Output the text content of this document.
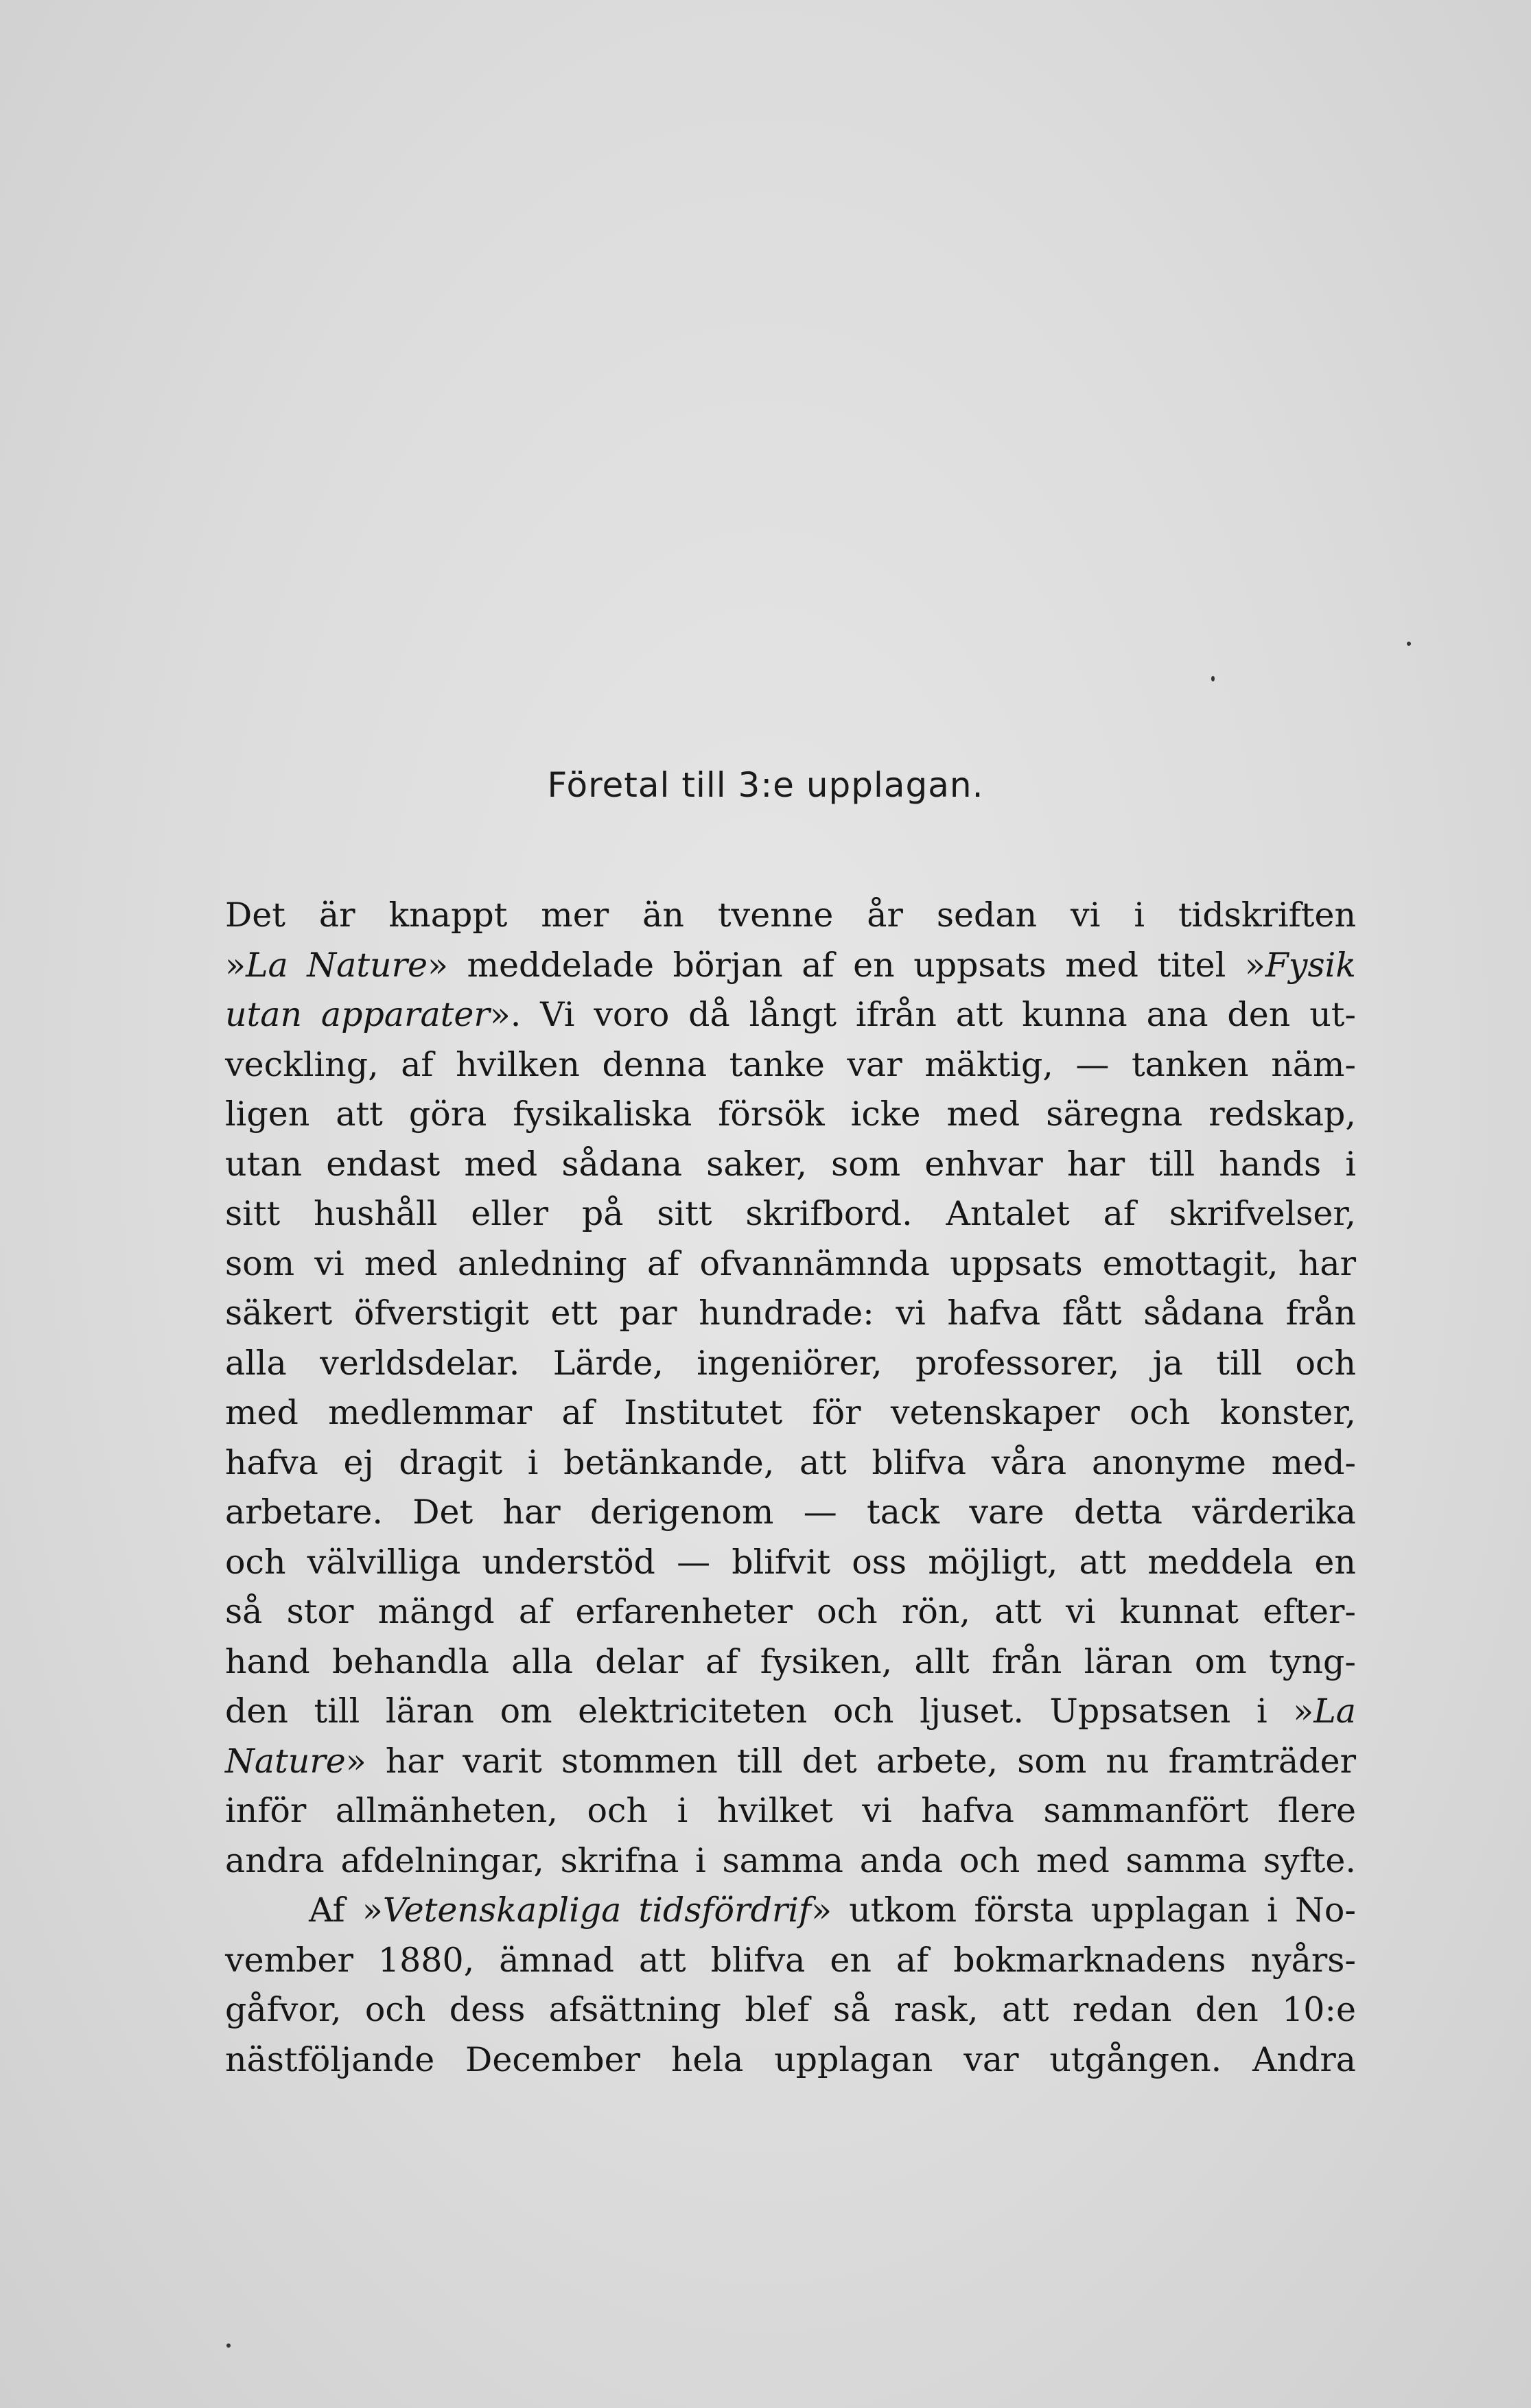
Företal till 3:e upplagan.
Det är knappt mer än tvenne år sedan vi i tidskriften
»La Nature» meddelade början af en uppsats med titel »Fysik
utan apparater». Vi voro då långt ifrån att kunna ana den ut-
veckling, af hvilken denna tanke var mäktig, — tanken näm-
ligen att göra fysikaliska försök icke med säregna redskap,
utan endast med sådana saker, som enhvar har till hands i
sitt hushåll eller på sitt skrifbord. Antalet af skrifvelser,
som vi med anledning af ofvannämnda uppsats emottagit, har
säkert öfverstigit ett par hundrade: vi hafva fått sådana från
alla verldsdelar. Lärde, ingeniörer, professorer, ja till och
med medlemmar af Institutet för vetenskaper och konster,
hafva ej dragit i betänkande, att blifva våra anonyme med-
arbetare. Det har derigenom — tack vare detta värderika
och välvilliga understöd — blifvit oss möjligt, att meddela en
så stor mängd af erfarenheter och rön, att vi kunnat efter-
hand behandla alla delar af fysiken, allt från läran om tyng-
den till läran om elektriciteten och ljuset. Uppsatsen i »La
Nature» har varit stommen till det arbete, som nu framträder
inför allmänheten, och i hvilket vi hafva sammanfört flere
andra afdelningar, skrifna i samma anda och med samma syfte.
Af »Vetenskapliga tidsfördrif» utkom första upplagan i No-
vember 1880, ämnad att blifva en af bokmarknadens nyårs-
gåfvor, och dess afsättning blef så rask, att redan den 10:e
nästföljande December hela upplagan var utgången. Andra
